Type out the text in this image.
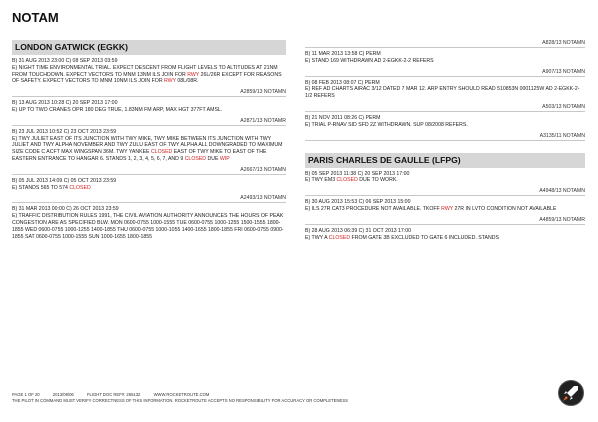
NOTAM
LONDON GATWICK (EGKK)
B) 31 AUG 2013 23:00 C) 08 SEP 2013 03:59
E) NIGHT TIME ENVIRONMENTAL TRIAL. EXPECT DESCENT FROM FLIGHT LEVELS TO ALTITUDES AT 21NM FROM TOUCHDOWN. EXPECT VECTORS TO MNM 13NM ILS JOIN FOR RWY 26L/26R EXCEPT FOR REASONS OF SAFETY. EXPECT VECTORS TO MNM 10NM ILS JOIN FOR RWY 08L/08R.
A2859/13 NOTAMN
B) 13 AUG 2013 10:28 C) 20 SEP 2013 17:00
E) UP TO TWO CRANES OPR 180 DEG TRUE, 1.83NM FM ARP, MAX HGT 377FT AMSL.
A2871/13 NOTAMR
B) 23 JUL 2013 10:52 C) 23 OCT 2013 23:59
E) TWY JULIET EAST OF ITS JUNCTION WITH TWY MIKE, TWY MIKE BETWEEN ITS JUNCTION WITH TWY JULIET AND TWY ALPHA NOVEMBER AND TWY ZULU EAST OF TWY ALPHA ALL DOWNGRADED TO MAXIMUM SIZE CODE C ACFT MAX WINGSPAN 36M. TWY YANKEE CLOSED EAST OF TWY MIKE TO EAST OF THE EASTERN ENTRANCE TO HANGAR 6. STANDS 1, 2, 3, 4, 5, 6, 7, AND 9 CLOSED DUE WIP
A2667/13 NOTAMN
B) 05 JUL 2013 14:09 C) 05 OCT 2013 23:59
E) STANDS 565 TO 574 CLOSED
A2493/13 NOTAMN
B) 31 MAR 2013 00:00 C) 26 OCT 2013 23:59
E) TRAFFIC DISTRIBUTION RULES 1991, THE CIVIL AVIATION AUTHORITY ANNOUNCES THE HOURS OF PEAK CONGESTION ARE AS SPECIFIED BLW. MON 0600-0755 1000-1555 TUE 0600-0755 1000-1255 1500-1555 1800-1855 WED 0600-0755 1000-1255 1400-1855 THU 0600-0755 1000-1055 1400-1655 1800-1855 FRI 0600-0755 0900-1855 SAT 0600-0755 1000-1555 SUN 1000-1655 1800-1855
A828/13 NOTAMN
B) 11 MAR 2013 13:58 C) PERM
E) STAND 169 WITHDRAWN AD 2-EGKK-2-2 REFERS
A907/13 NOTAMN
B) 08 FEB 2013 08:07 C) PERM
E) REF AD CHARTS AIRAC 3/12 DATED 7 MAR 12. ARP ENTRY SHOULD READ 510853N 0001125W AD 2-EGKK-2-1/2 REFERS
A503/13 NOTAMN
B) 21 NOV 2011 08:26 C) PERM
E) TRIAL P-RNAV SID SFD 2Z WITHDRAWN. SUP 08/2008 REFERS.
A3135/11 NOTAMN
PARIS CHARLES DE GAULLE (LFPG)
B) 05 SEP 2013 11:38 C) 20 SEP 2013 17:00
E) TWY EM3 CLOSED DUE TO WORK.
A4948/13 NOTAMN
B) 30 AUG 2013 15:53 C) 06 SEP 2013 15:00
E) ILS 27R CAT3 PROCEDURE NOT AVAILABLE. TKOFF RWY 27R IN LVTO CONDITION NOT AVAILABLE
A4859/13 NOTAMR
B) 28 AUG 2013 06:39 C) 31 OCT 2013 17:00
E) TWY A CLOSED FROM GATE 3B EXCLUDED TO GATE 6 INCLUDED. STANDS
PAGE 1 OF 20	2013/09/06	FLIGHT DOC REF#: 265132	WWW.ROCKETROUTE.COM
THE PILOT IN COMMAND MUST VERIFY CORRECTNESS OF THIS INFORMATION. ROCKETROUTE ACCEPTS NO RESPONSIBILITY FOR ACCURACY OR COMPLETENESS
